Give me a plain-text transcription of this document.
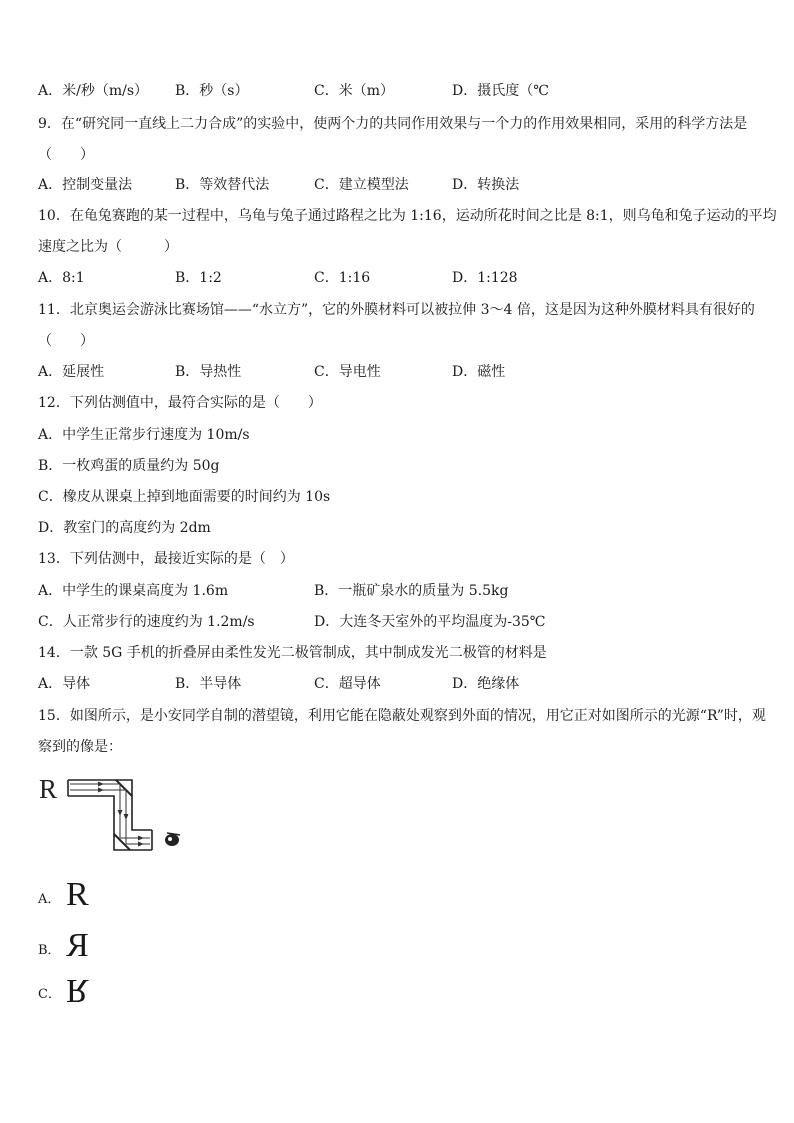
A．米/秒（m/s） B．秒（s）	C．米（m）	D．摄氏度（℃
9．在“研究同一直线上二力合成”的实验中，使两个力的共同作用效果与一个力的作用效果相同，采用的科学方法是
（　　）
A．控制变量法	B．等效替代法	C．建立模型法	D．转换法
10．在龟兔赛跑的某一过程中，乌龟与兔子通过路程之比为 1:16，运动所花时间之比是 8:1，则乌龟和兔子运动的平均
速度之比为（　　　）
A．8:1	B．1:2	C．1:16	D．1:128
11．北京奥运会游泳比赛场馆——“水立方”，它的外膜材料可以被拉伸 3～4 倍，这是因为这种外膜材料具有很好的
（　　）
A．延展性	B．导热性	C．导电性	D．磁性
12．下列估测值中，最符合实际的是（　　）
A．中学生正常步行速度为 10m/s
B．一枚鸡蛋的质量约为 50g
C．橡皮从课桌上掉到地面需要的时间约为 10s
D．教室门的高度约为 2dm
13．下列估测中，最接近实际的是（　）
A．中学生的课桌高度为 1.6m	B．一瓶矿泉水的质量为 5.5kg
C．人正常步行的速度约为 1.2m/s	D．大连冬天室外的平均温度为-35℃
14．一款 5G 手机的折叠屏由柔性发光二极管制成，其中制成发光二极管的材料是
A．导体	B．半导体	C．超导体	D．绝缘体
15．如图所示，是小安同学自制的潜望镜，利用它能在隐蔽处观察到外面的情况，用它正对如图所示的光源“R”时，观
察到的像是：
R
A． R
B． R
C． R
